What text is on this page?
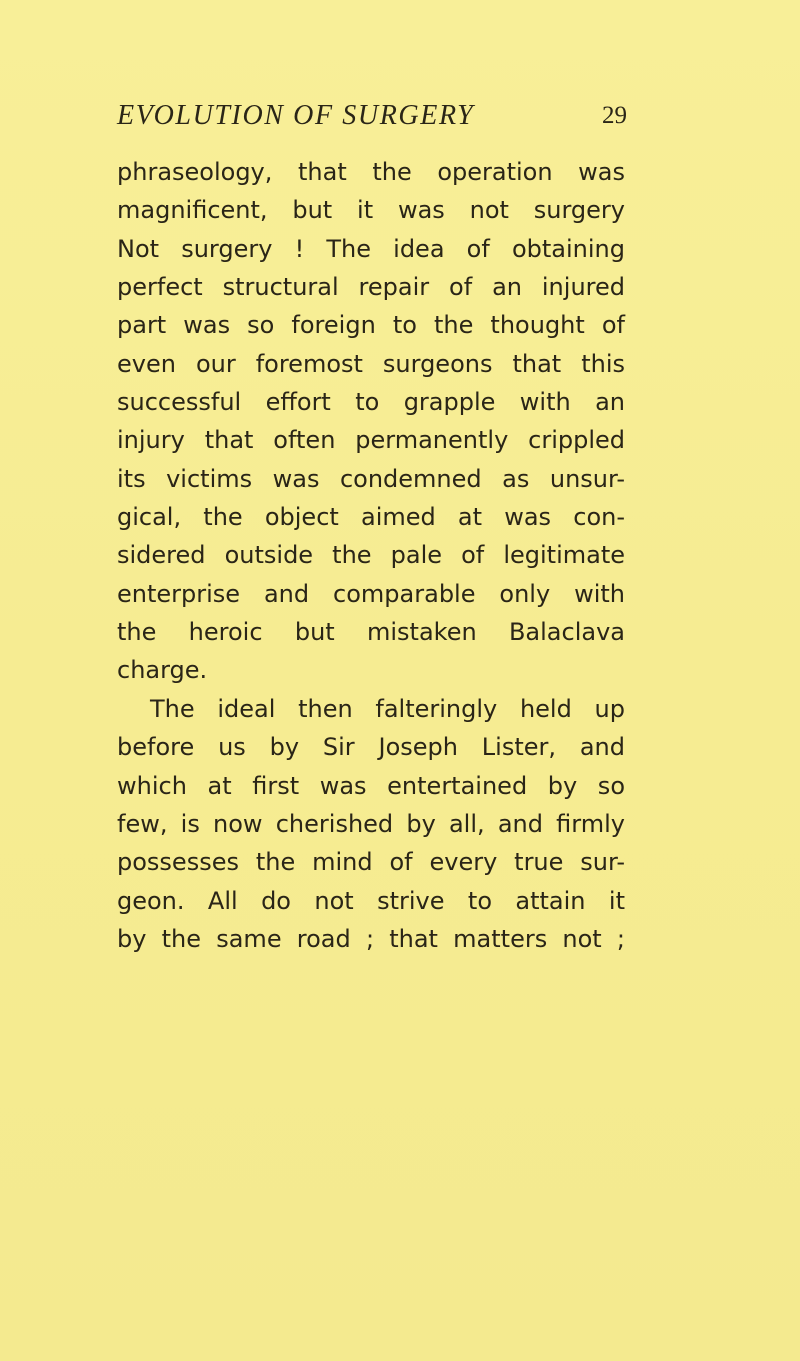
EVOLUTION OF SURGERY	29
phraseology, that the operation was
magnificent, but it was not surgery
Not surgery ! The idea of obtaining
perfect structural repair of an injured
part was so foreign to the thought of
even our foremost surgeons that this
successful effort to grapple with an
injury that often permanently crippled
its victims was condemned as unsur-
gical, the object aimed at was con-
sidered outside the pale of legitimate
enterprise and comparable only with
the heroic but mistaken Balaclava
charge.
The ideal then falteringly held up
before us by Sir Joseph Lister, and
which at first was entertained by so
few, is now cherished by all, and firmly
possesses the mind of every true sur-
geon. All do not strive to attain it
by the same road ; that matters not ;
